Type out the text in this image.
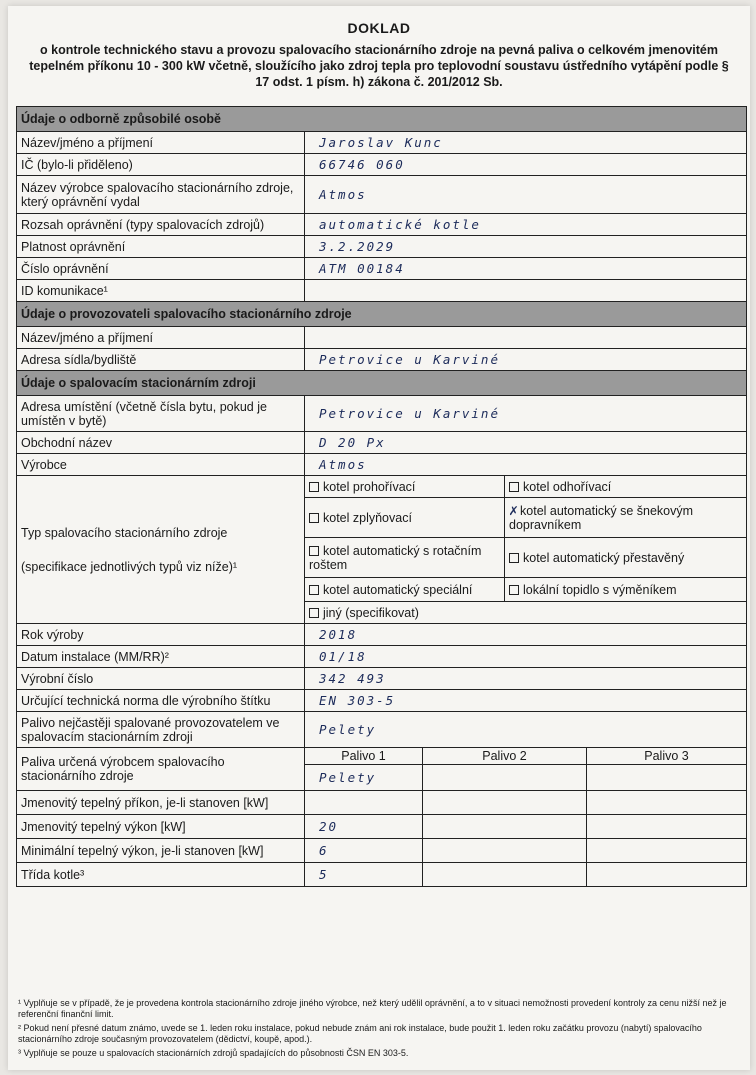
DOKLAD
o kontrole technického stavu a provozu spalovacího stacionárního zdroje na pevná paliva o celkovém jmenovitém tepelném příkonu 10 - 300 kW včetně, sloužícího jako zdroj tepla pro teplovodní soustavu ústředního vytápění podle § 17 odst. 1 písm. h) zákona č. 201/2012 Sb.
Údaje o odborně způsobilé osobě				
Název/jméno a příjmení	Jaroslav Kunc			
IČ (bylo-li přiděleno)	66746 060			
Název výrobce spalovacího stacionárního zdroje, který oprávnění vydal	Atmos			
Rozsah oprávnění (typy spalovacích zdrojů)	automatické kotle			
Platnost oprávnění	3.2.2029			
Číslo oprávnění	ATM 00184			
ID komunikace¹				
Údaje o provozovateli spalovacího stacionárního zdroje				
Název/jméno a příjmení				
Adresa sídla/bydliště	Petrovice u Karviné			
Údaje o spalovacím stacionárním zdroji				
Adresa umístění (včetně čísla bytu, pokud je umístěn v bytě)	Petrovice u Karviné			
Obchodní název	D 20 Px			
Výrobce	Atmos			

Typ spalovacího stacionárního zdroje
(specifikace jednotlivých typů viz níže)¹	kotel prohořívací		kotel odhořívací	
	kotel zplyňovací		✗ kotel automatický se šnekovým dopravníkem	
	kotel automatický s rotačním roštem		kotel automatický přestavěný	
	kotel automatický speciální		lokální topidlo s výměníkem	
	jiný (specifikovat)			
Rok výroby	2018			
Datum instalace (MM/RR)²	01/18			
Výrobní číslo	342 493			
Určující technická norma dle výrobního štítku	EN 303-5			
Palivo nejčastěji spalované provozovatelem ve spalovacím stacionárním zdroji	Pelety			
Paliva určená výrobcem spalovacího stacionárního zdroje	Palivo 1	Palivo 2		Palivo 3
	Pelety			
Jmenovitý tepelný příkon, je-li stanoven [kW]				
Jmenovitý tepelný výkon [kW]	20			
Minimální tepelný výkon, je-li stanoven [kW]	6			
Třída kotle³	5			
¹ Vyplňuje se v případě, že je provedena kontrola stacionárního zdroje jiného výrobce, než který udělil oprávnění, a to v situaci nemožnosti provedení kontroly za cenu nižší než je referenční finanční limit.
² Pokud není přesné datum známo, uvede se 1. leden roku instalace, pokud nebude znám ani rok instalace, bude použit 1. leden roku začátku provozu (nabytí) spalovacího stacionárního zdroje současným provozovatelem (dědictví, koupě, apod.).
³ Vyplňuje se pouze u spalovacích stacionárních zdrojů spadajících do působnosti ČSN EN 303-5.
